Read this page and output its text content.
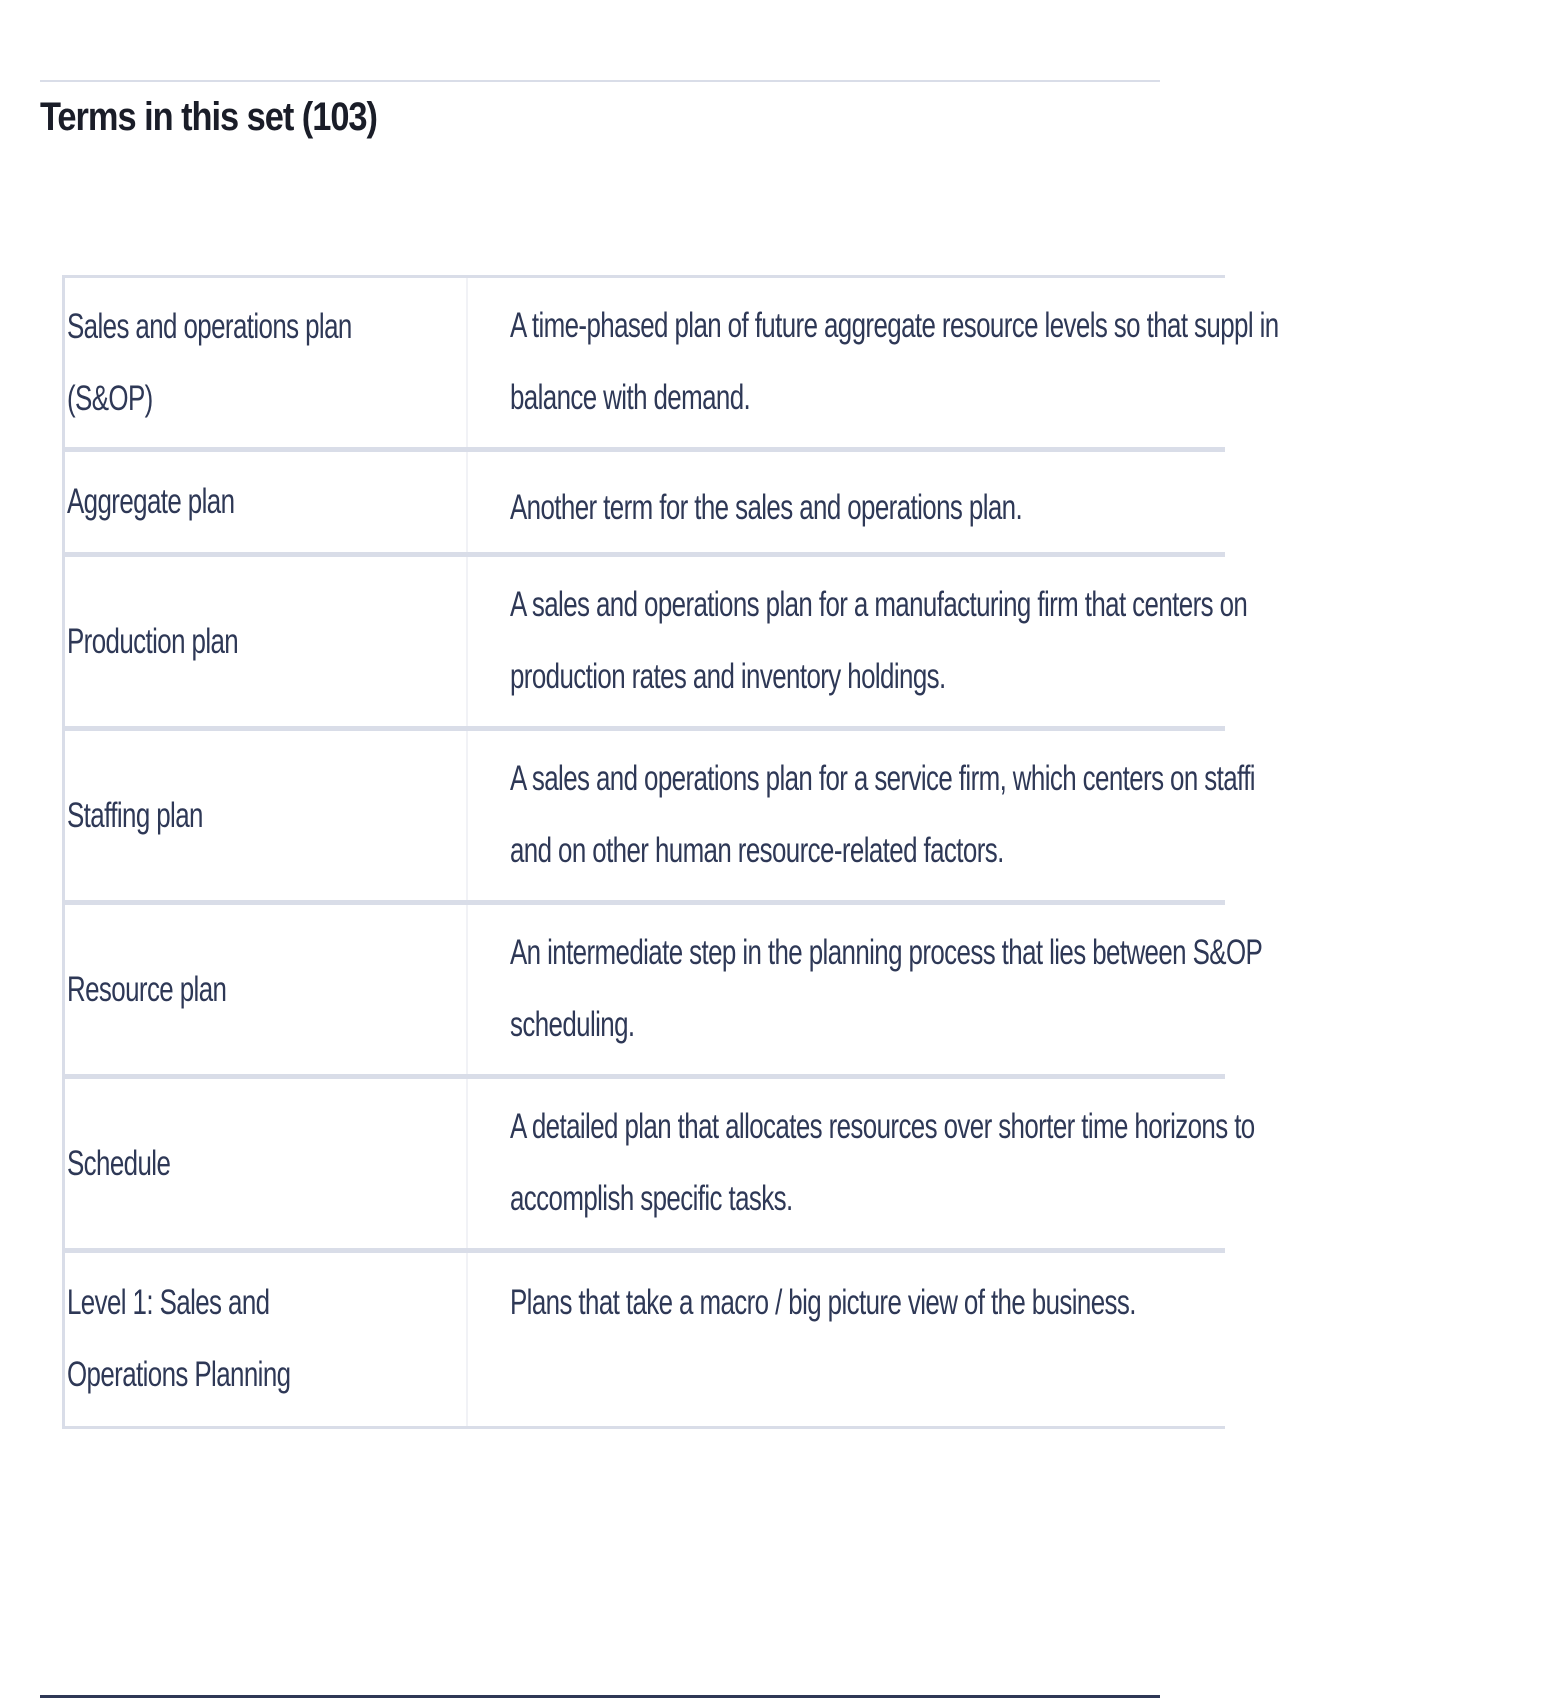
Terms in this set (103)
Sales and operations plan (S&OP)
A time-phased plan of future aggregate resource levels so that suppl in balance with demand.
Aggregate plan	Another term for the sales and operations plan.
Production plan
A sales and operations plan for a manufacturing firm that centers on production rates and inventory holdings.
Staffing plan
A sales and operations plan for a service firm, which centers on staffi and on other human resource-related factors.
Resource plan
An intermediate step in the planning process that lies between S&OP scheduling.
Schedule
A detailed plan that allocates resources over shorter time horizons to accomplish specific tasks.
Level 1: Sales and Operations Planning
Plans that take a macro / big picture view of the business.
